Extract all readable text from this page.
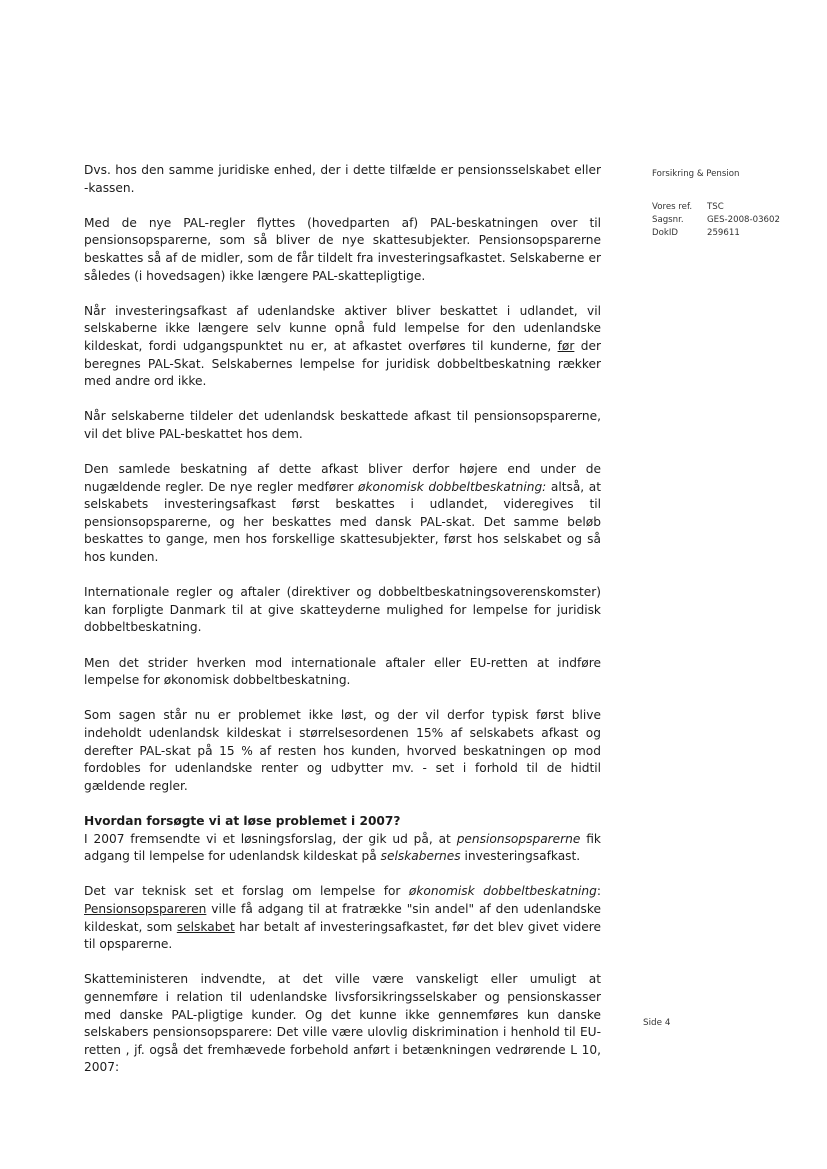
Forsikring & Pension
Vores ref.	TSC
Sagsnr.	GES-2008-03602
DokID	259611

Dvs. hos den samme juridiske enhed, der i dette tilfælde er pensionsselskabet eller -kassen.

Med de nye PAL-regler flyttes (hovedparten af) PAL-beskatningen over til pensionsopsparerne, som så bliver de nye skattesubjekter. Pensionsopsparerne beskattes så af de midler, som de får tildelt fra investeringsafkastet. Selskaberne er således (i hovedsagen) ikke længere PAL-skattepligtige.

Når investeringsafkast af udenlandske aktiver bliver beskattet i udlandet, vil selskaberne ikke længere selv kunne opnå fuld lempelse for den udenlandske kildeskat, fordi udgangspunktet nu er, at afkastet overføres til kunderne, før der beregnes PAL-Skat. Selskabernes lempelse for juridisk dobbeltbeskatning rækker med andre ord ikke.

Når selskaberne tildeler det udenlandsk beskattede afkast til pensionsopsparerne, vil det blive PAL-beskattet hos dem.

Den samlede beskatning af dette afkast bliver derfor højere end under de nugældende regler. De nye regler medfører økonomisk dobbeltbeskatning: altså, at selskabets investeringsafkast først beskattes i udlandet, videregives til pensionsopsparerne, og her beskattes med dansk PAL-skat. Det samme beløb beskattes to gange, men hos forskellige skattesubjekter, først hos selskabet og så hos kunden.

Internationale regler og aftaler (direktiver og dobbeltbeskatningsoverenskomster) kan forpligte Danmark til at give skatteyderne mulighed for lempelse for juridisk dobbeltbeskatning.

Men det strider hverken mod internationale aftaler eller EU-retten at indføre lempelse for økonomisk dobbeltbeskatning.

Som sagen står nu er problemet ikke løst, og der vil derfor typisk først blive indeholdt udenlandsk kildeskat i størrelsesordenen 15% af selskabets afkast og derefter PAL-skat på 15 % af resten hos kunden, hvorved beskatningen op mod fordobles for udenlandske renter og udbytter mv. - set i forhold til de hidtil gældende regler.

Hvordan forsøgte vi at løse problemet i 2007?

I 2007 fremsendte vi et løsningsforslag, der gik ud på, at pensionsopsparerne fik adgang til lempelse for udenlandsk kildeskat på selskabernes investeringsafkast.

Det var teknisk set et forslag om lempelse for økonomisk dobbeltbeskatning: Pensionsopspareren ville få adgang til at fratrække "sin andel" af den udenlandske kildeskat, som selskabet har betalt af investeringsafkastet, før det blev givet videre til opsparerne.

Skatteministeren indvendte, at det ville være vanskeligt eller umuligt at gennemføre i relation til udenlandske livsforsikringsselskaber og pensionskasser med danske PAL-pligtige kunder. Og det kunne ikke gennemføres kun danske selskabers pensionsopsparere: Det ville være ulovlig diskrimination i henhold til EU-retten , jf. også det fremhævede forbehold anført i betænkningen vedrørende L 10, 2007:

Side 4
